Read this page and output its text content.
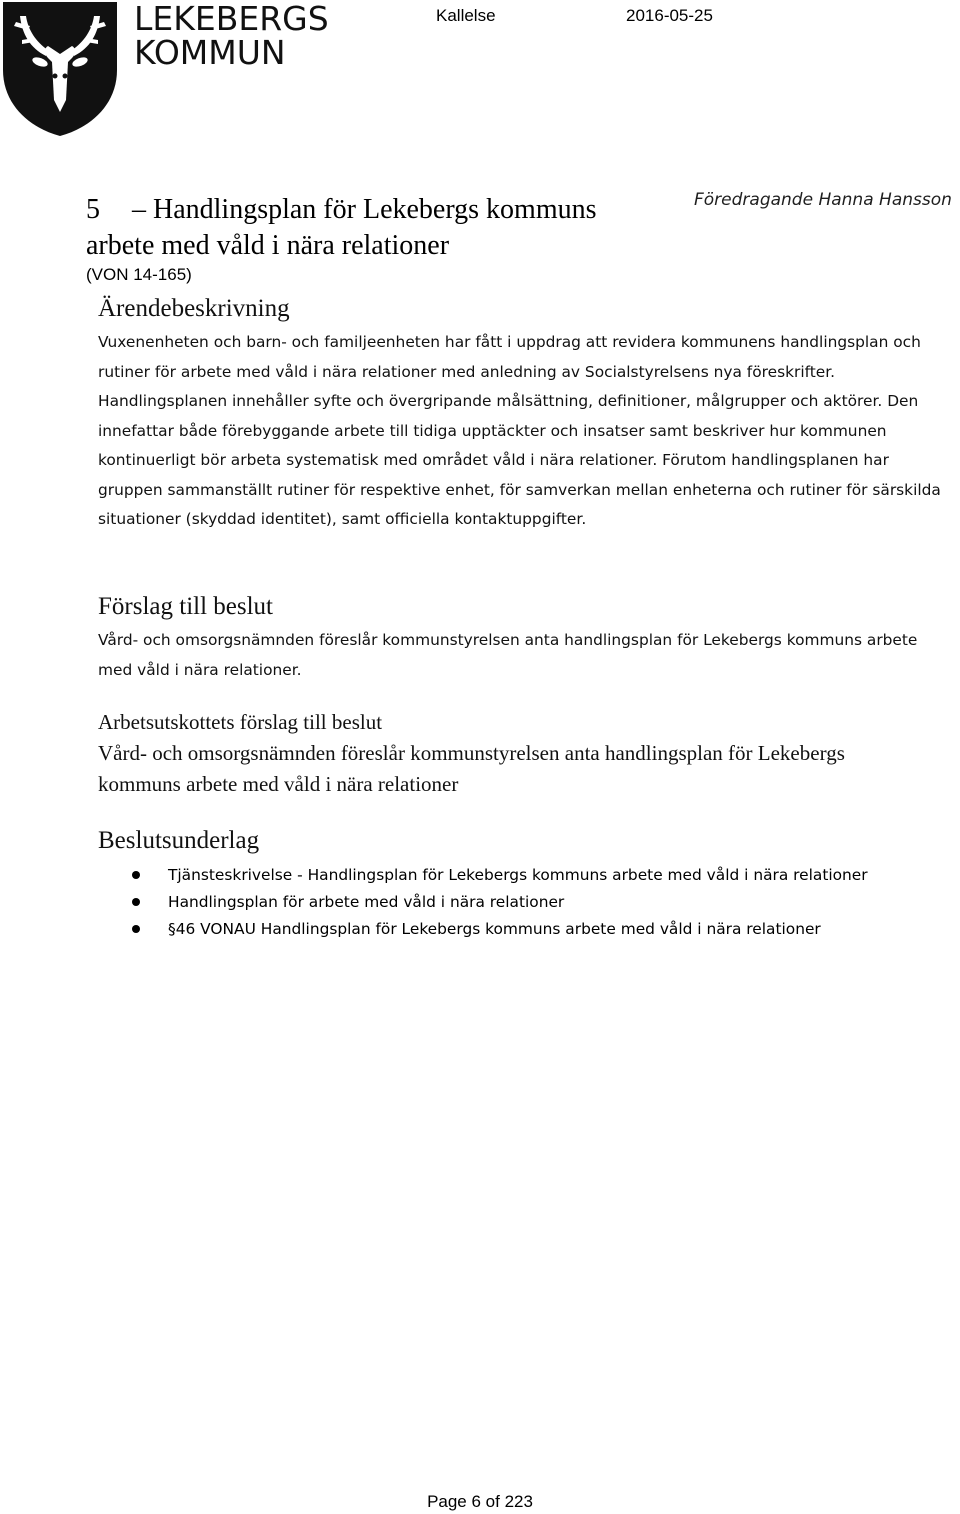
LEKEBERGS
KOMMUN
Kallelse	2016-05-25
5 – Handlingsplan för Lekebergs kommuns
arbete med våld i nära relationer
Föredragande Hanna Hansson
(VON 14-165)
Ärendebeskrivning
Vuxenenheten och barn- och familjeenheten har fått i uppdrag att revidera kommunens handlingsplan och rutiner för arbete med våld i nära relationer med anledning av Socialstyrelsens nya föreskrifter. Handlingsplanen innehåller syfte och övergripande målsättning, definitioner, målgrupper och aktörer. Den innefattar både förebyggande arbete till tidiga upptäckter och insatser samt beskriver hur kommunen kontinuerligt bör arbeta systematisk med området våld i nära relationer. Förutom handlingsplanen har gruppen sammanställt rutiner för respektive enhet, för samverkan mellan enheterna och rutiner för särskilda situationer (skyddad identitet), samt officiella kontaktuppgifter.
Förslag till beslut
Vård- och omsorgsnämnden föreslår kommunstyrelsen anta handlingsplan för Lekebergs kommuns arbete med våld i nära relationer.
Arbetsutskottets förslag till beslut
Vård- och omsorgsnämnden föreslår kommunstyrelsen anta handlingsplan för Lekebergs kommuns arbete med våld i nära relationer
Beslutsunderlag
Tjänsteskrivelse - Handlingsplan för Lekebergs kommuns arbete med våld i nära relationer
Handlingsplan för arbete med våld i nära relationer
§46 VONAU Handlingsplan för Lekebergs kommuns arbete med våld i nära relationer
Page 6 of 223
